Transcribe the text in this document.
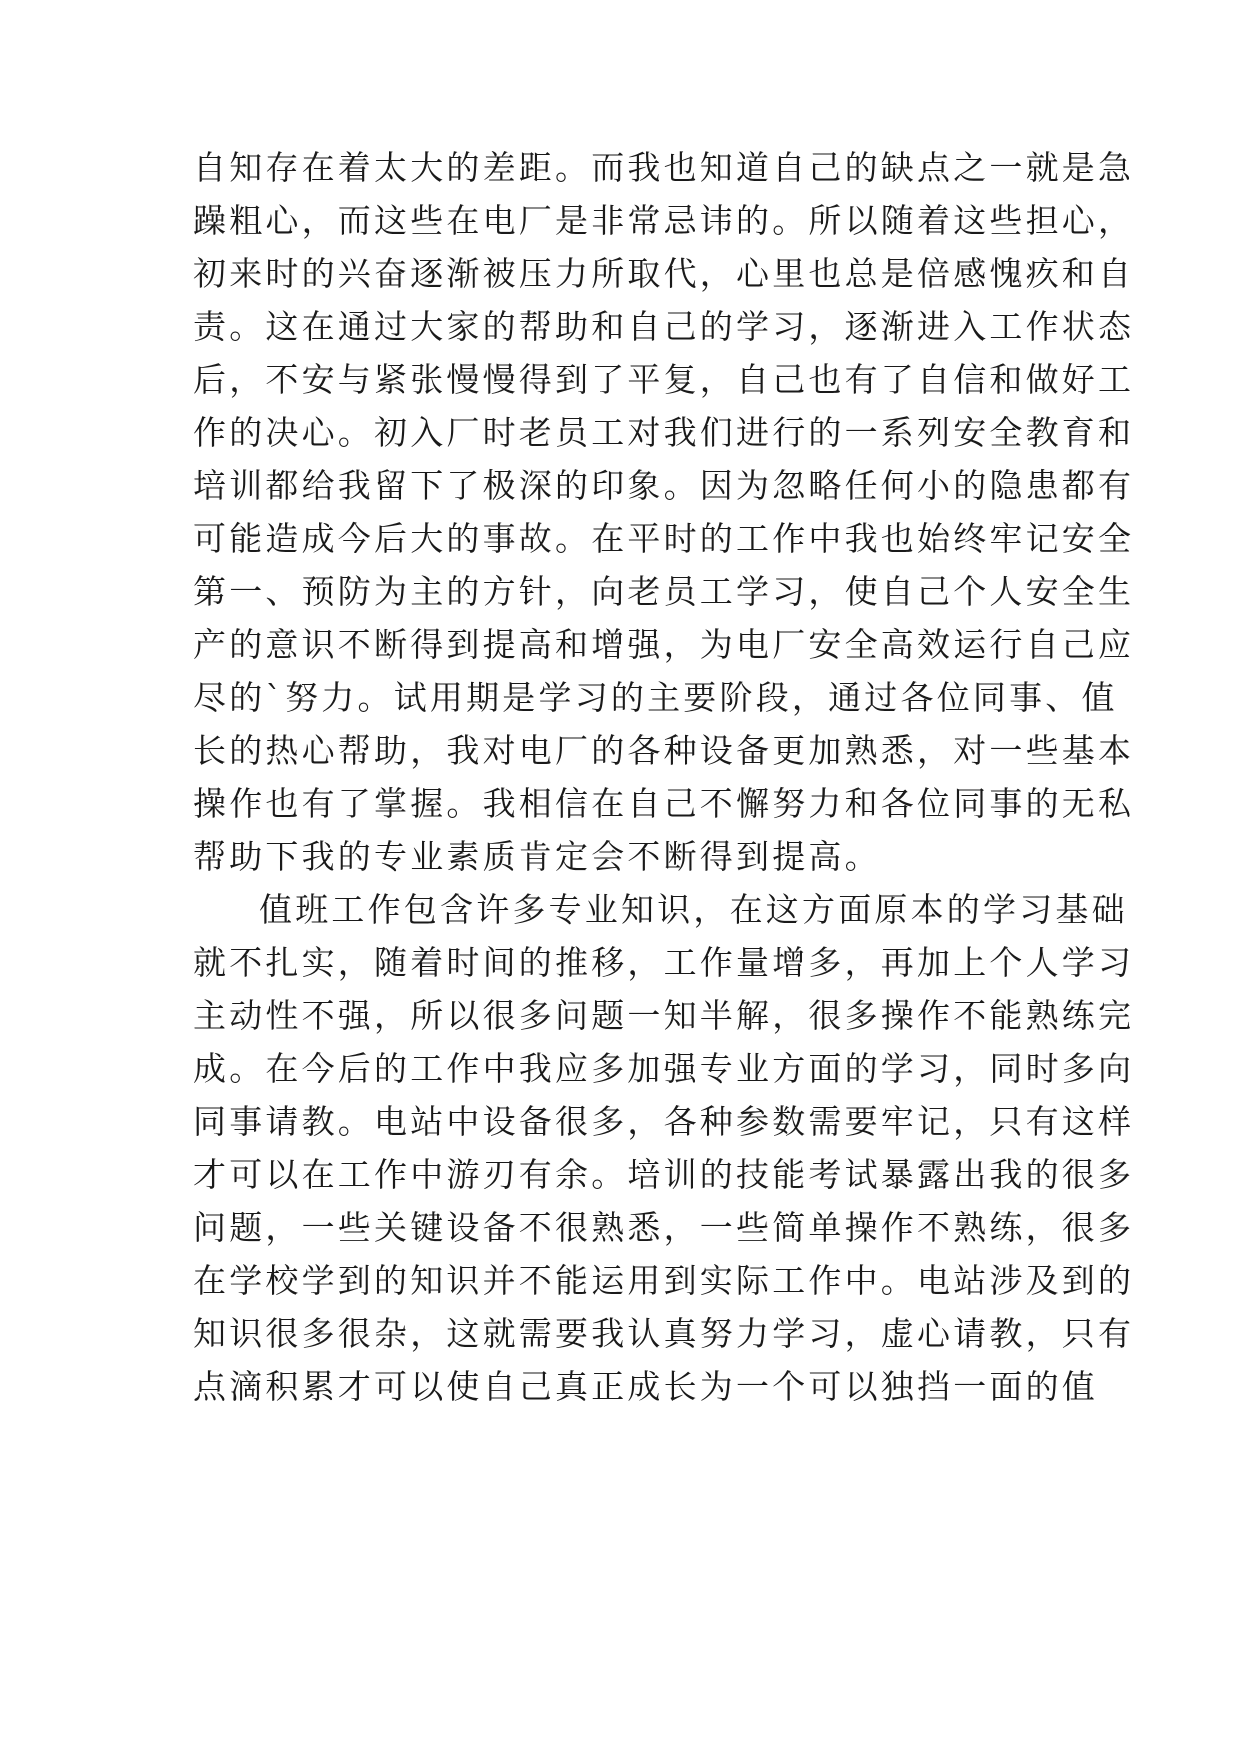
自知存在着太大的差距。而我也知道自己的缺点之一就是急
躁粗心，而这些在电厂是非常忌讳的。所以随着这些担心，
初来时的兴奋逐渐被压力所取代，心里也总是倍感愧疚和自
责。这在通过大家的帮助和自己的学习，逐渐进入工作状态
后，不安与紧张慢慢得到了平复，自己也有了自信和做好工
作的决心。初入厂时老员工对我们进行的一系列安全教育和
培训都给我留下了极深的印象。因为忽略任何小的隐患都有
可能造成今后大的事故。在平时的工作中我也始终牢记安全
第一、预防为主的方针，向老员工学习，使自己个人安全生
产的意识不断得到提高和增强，为电厂安全高效运行自己应
尽的`努力。试用期是学习的主要阶段，通过各位同事、值
长的热心帮助，我对电厂的各种设备更加熟悉，对一些基本
操作也有了掌握。我相信在自己不懈努力和各位同事的无私
帮助下我的专业素质肯定会不断得到提高。
值班工作包含许多专业知识，在这方面原本的学习基础
就不扎实，随着时间的推移，工作量增多，再加上个人学习
主动性不强，所以很多问题一知半解，很多操作不能熟练完
成。在今后的工作中我应多加强专业方面的学习，同时多向
同事请教。电站中设备很多，各种参数需要牢记，只有这样
才可以在工作中游刃有余。培训的技能考试暴露出我的很多
问题，一些关键设备不很熟悉，一些简单操作不熟练，很多
在学校学到的知识并不能运用到实际工作中。电站涉及到的
知识很多很杂，这就需要我认真努力学习，虚心请教，只有
点滴积累才可以使自己真正成长为一个可以独挡一面的值
